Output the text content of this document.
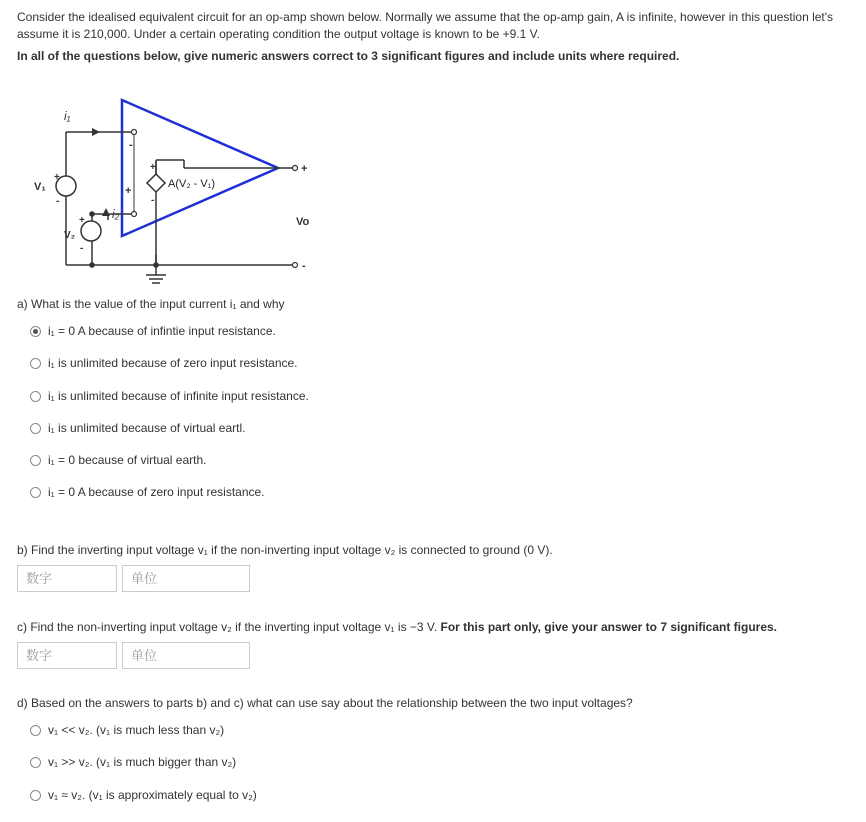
Consider the idealised equivalent circuit for an op-amp shown below. Normally we assume that the op-amp gain, A is infinite, however in this question let's assume it is 210,000. Under a certain operating condition the output voltage is known to be +9.1 V.

In all of the questions below, give numeric answers correct to 3 significant figures and include units where required.

+
-
i₁
V₁
+
-
-
i₂
V₂
+
-
+
A(V₂ - V₁)
+
-
Vo
a) What is the value of the input current i₁ and why
i₁ = 0 A because of infintie input resistance.
i₁ is unlimited because of zero input resistance.
i₁ is unlimited because of infinite input resistance.
i₁ is unlimited because of virtual eartl.
i₁ = 0 because of virtual earth.
i₁ = 0 A because of zero input resistance.
b) Find the inverting input voltage v₁ if the non-inverting input voltage v₂ is connected to ground (0 V).
数字
单位
c) Find the non-inverting input voltage v₂ if the inverting input voltage v₁ is −3 V. For this part only, give your answer to 7 significant figures.
数字
单位
d) Based on the answers to parts b) and c) what can use say about the relationship between the two input voltages?
v₁ << v₂. (v₁ is much less than v₂)
v₁ >> v₂. (v₁ is much bigger than v₂)
v₁ ≈ v₂. (v₁ is approximately equal to v₂)
